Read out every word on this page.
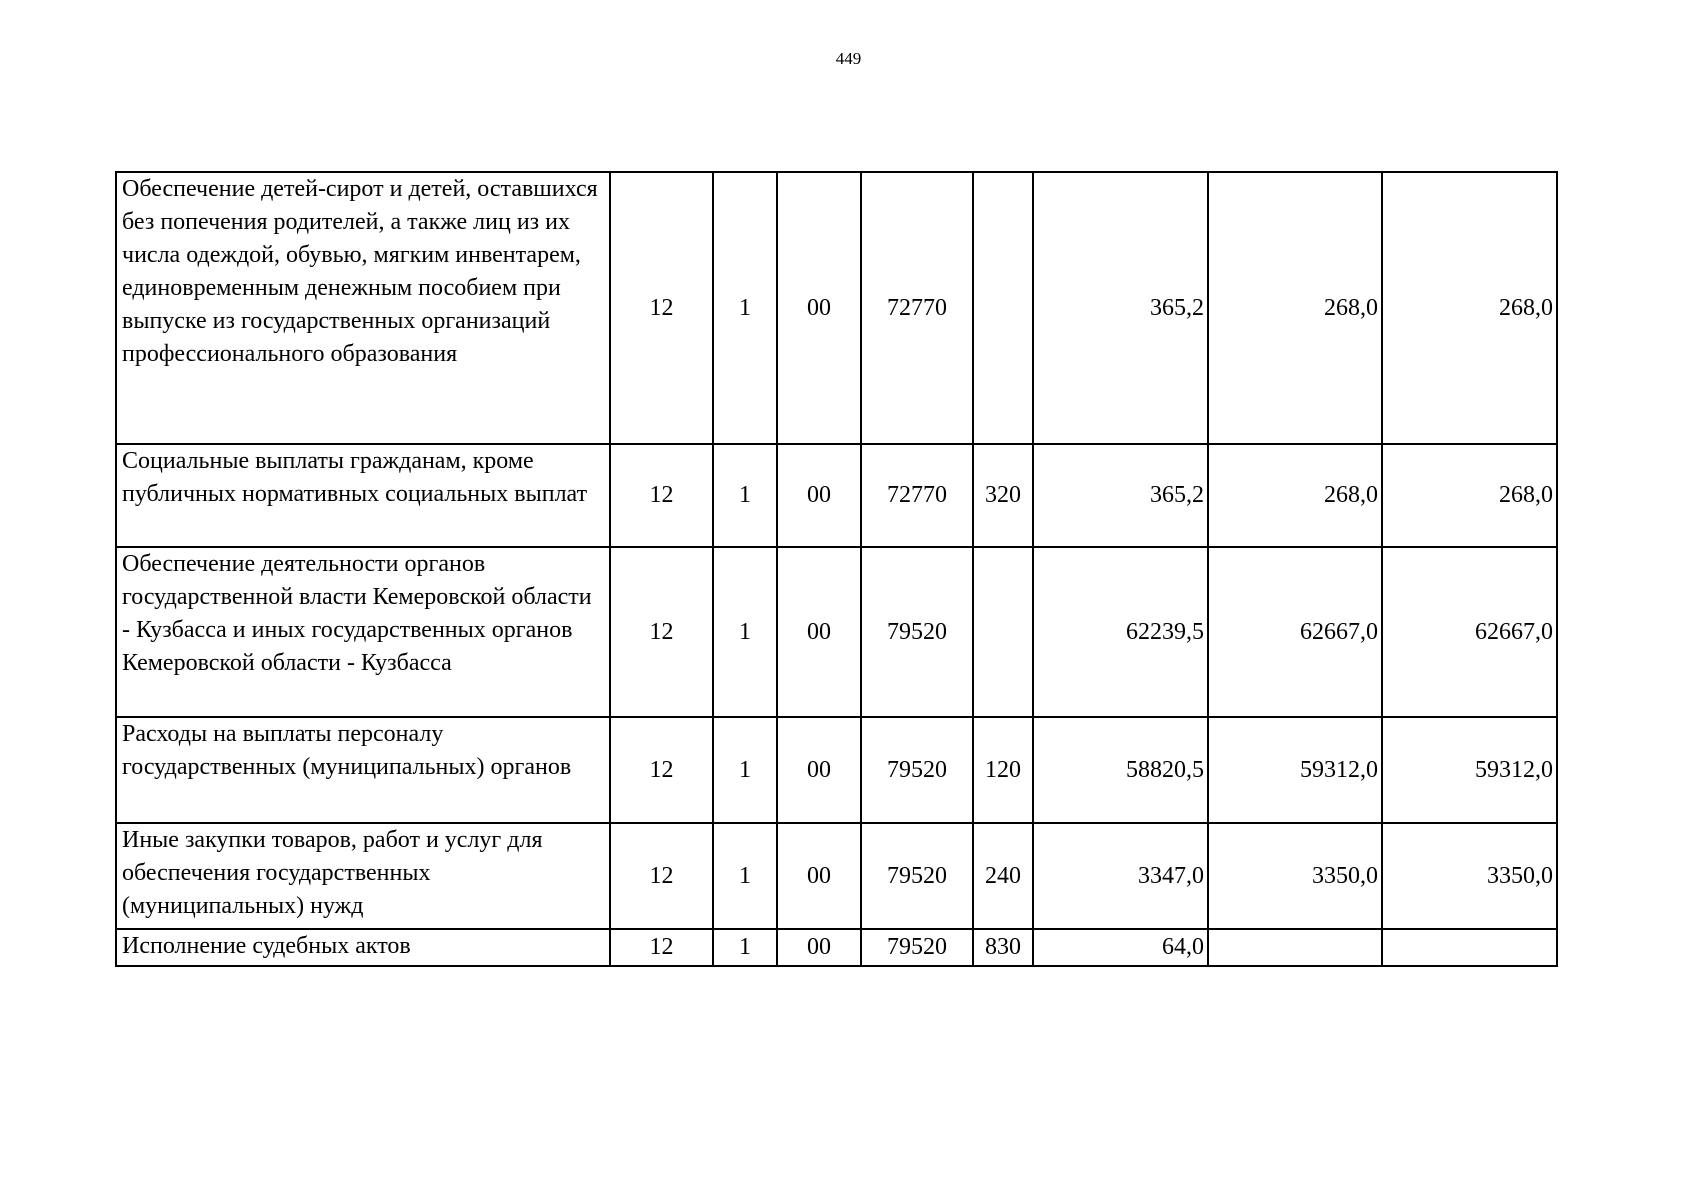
449
Обеспечение детей-сирот и детей, оставшихся без попечения родителей, а также лиц из их числа одеждой, обувью, мягким инвентарем, единовременным денежным пособием при выпуске из государственных организаций профессионального образования	12	1	00	72770		365,2	268,0	268,0
Социальные выплаты гражданам, кроме публичных нормативных социальных выплат	12	1	00	72770	320	365,2	268,0	268,0
Обеспечение деятельности органов государственной власти Кемеровской области - Кузбасса и иных государственных органов Кемеровской области - Кузбасса	12	1	00	79520		62239,5	62667,0	62667,0
Расходы на выплаты персоналу государственных (муниципальных) органов	12	1	00	79520	120	58820,5	59312,0	59312,0
Иные закупки товаров, работ и услуг для обеспечения государственных (муниципальных) нужд	12	1	00	79520	240	3347,0	3350,0	3350,0
Исполнение судебных актов	12	1	00	79520	830	64,0		
